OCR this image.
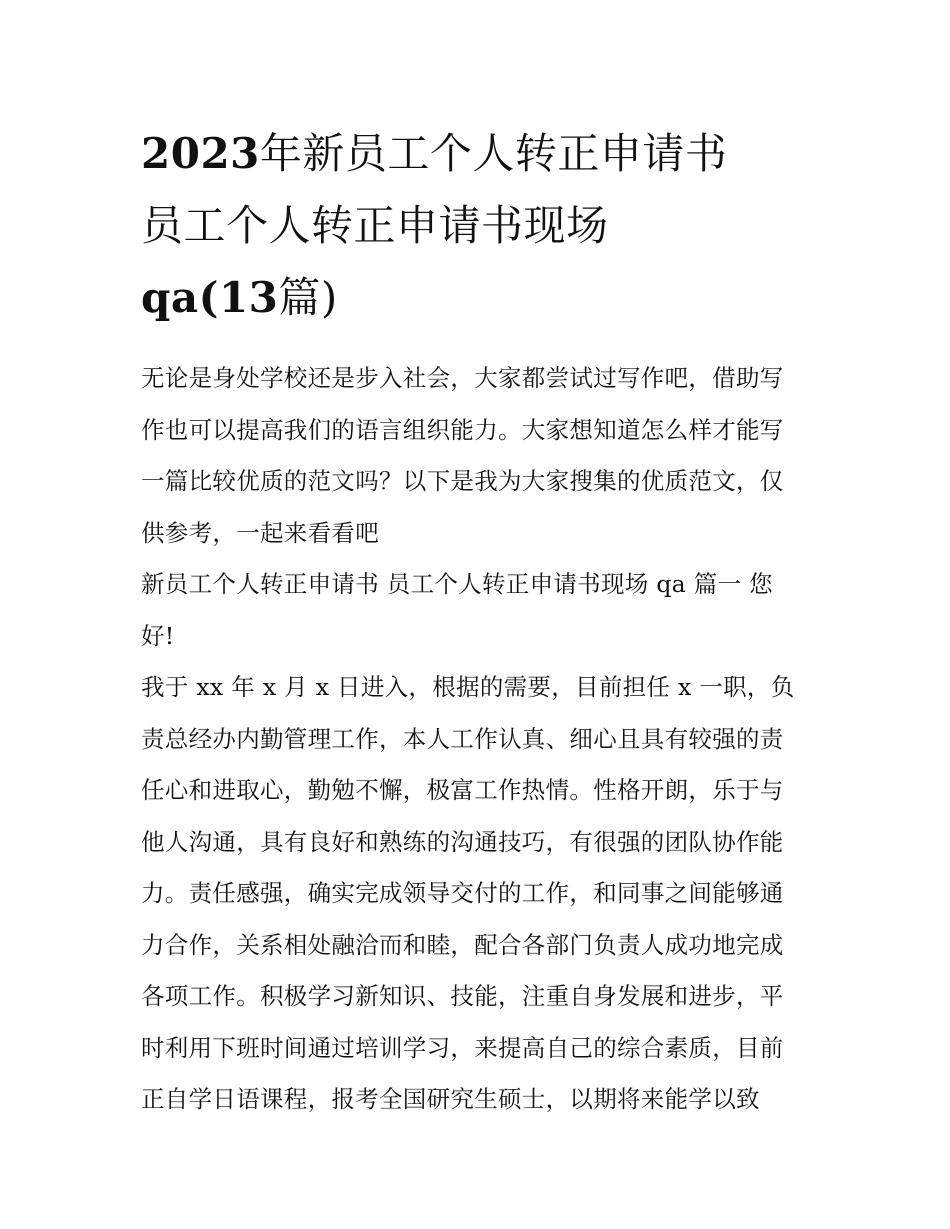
2023年新员工个人转正申请书
员工个人转正申请书现场
qa(13篇)

无论是身处学校还是步入社会，大家都尝试过写作吧，借助写

作也可以提高我们的语言组织能力。大家想知道怎么样才能写

一篇比较优质的范文吗？以下是我为大家搜集的优质范文，仅

供参考，一起来看看吧

新员工个人转正申请书 员工个人转正申请书现场 qa 篇一 您

好!

我于 xx 年 x 月 x 日进入，根据的需要，目前担任 x 一职，负

责总经办内勤管理工作，本人工作认真、细心且具有较强的责

任心和进取心，勤勉不懈，极富工作热情。性格开朗，乐于与

他人沟通，具有良好和熟练的沟通技巧，有很强的团队协作能

力。责任感强，确实完成领导交付的工作，和同事之间能够通

力合作，关系相处融洽而和睦，配合各部门负责人成功地完成

各项工作。积极学习新知识、技能，注重自身发展和进步，平

时利用下班时间通过培训学习，来提高自己的综合素质，目前

正自学日语课程，报考全国研究生硕士，以期将来能学以致
